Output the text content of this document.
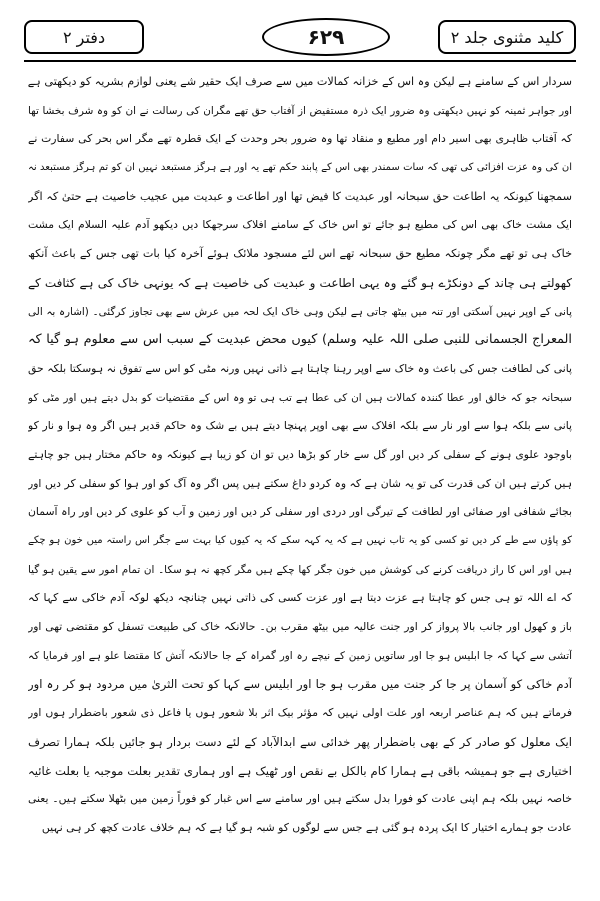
دفتر ۲	۶۲۹	کلید مثنوی جلد ۲
سردار اس کے سامنے ہے لیکن وہ اس کے خزانہ کمالات میں سے صرف ایک حقیر شے یعنی لوازم بشریہ کو دیکھتی ہے
اور جواہر ثمینہ کو نہیں دیکھتی وہ ضرور ایک ذرہ مستفیض از آفتاب حق تھے مگران کی رسالت نے ان کو وہ شرف بخشا تھا
کہ آفتاب ظاہری بھی اسیر دام اور مطیع و منقاد تھا وہ ضرور بحر وحدت کے ایک قطرہ تھے مگر اس بحر کی سفارت نے
ان کی وہ عزت افزائی کی تھی کہ سات سمندر بھی اس کے پابند حکم تھے یہ اور ہے ہرگز مستبعد نہیں ان کو تم ہرگز مستبعد نہ
سمجھنا کیونکہ یہ اطاعت حق سبحانہ اور عبدیت کا فیض تھا اور اطاعت و عبدیت میں عجیب خاصیت ہے حتیٰ کہ اگر
ایک مشت خاک بھی اس کی مطیع ہو جائے تو اس خاک کے سامنے افلاک سرجھکا دیں دیکھو آدم علیہ السلام ایک مشت
خاک ہی تو تھے مگر چونکہ مطیع حق سبحانہ تھے اس لئے مسجود ملائک ہوئے آخرہ کیا بات تھی جس کے باعث آنکھ
کھولتے ہی چاند کے دونکڑے ہو گئے وہ یہی اطاعت و عبدیت کی خاصیت ہے کہ یونہی خاک کی ہے کثافت کے
پانی کے اوپر نہیں آسکتی اور تنہ میں بیٹھ جاتی ہے لیکن وہی خاک ایک لحہ میں عرش سے بھی تجاوز کرگئی۔ (اشارہ بہ الی
المعراج الجسمانی للنبی صلی اللہ علیہ وسلم) کیوں محض عبدیت کے سبب اس سے معلوم ہو گیا کہ
پانی کی لطافت جس کی باعث وہ خاک سے اوپر رہنا چاہتا ہے ذاتی نہیں ورنہ مٹی کو اس سے تفوق نہ ہوسکتا بلکہ حق
سبحانہ جو کہ خالق اور عطا کنندہ کمالات ہیں ان کی عطا ہے تب ہی تو وہ اس کے مقتضیات کو بدل دیتے ہیں اور مٹی کو
پانی سے بلکہ ہوا سے اور نار سے بلکہ افلاک سے بھی اوپر پہنچا دیتے ہیں بے شک وہ حاکم قدیر ہیں اگر وہ ہوا و نار کو
باوجود علوی ہونے کے سفلی کر دیں اور گل سے خار کو بڑھا دیں تو ان کو زیبا ہے کیونکہ وہ حاکم مختار ہیں جو چاہتے
ہیں کرتے ہیں ان کی قدرت کی تو یہ شان ہے کہ وہ کردو داغ سکتے ہیں پس اگر وہ آگ کو اور ہوا کو سفلی کر دیں اور
بجائے شفافی اور صفائی اور لطافت کے تیرگی اور دردی اور سفلی کر دیں اور زمین و آب کو علوی کر دیں اور راہ آسمان
کو پاؤں سے طے کر دیں تو کسی کو یہ تاب نہیں ہے کہ یہ کہہ سکے کہ یہ کیوں کیا بہت سے جگر اس راستہ میں خون ہو چکے
ہیں اور اس کا راز دریافت کرنے کی کوشش میں خون جگر کھا چکے ہیں مگر کچھ نہ ہو سکا۔ ان تمام امور سے یقین ہو گیا
کہ اے اللہ تو ہی جس کو چاہتا ہے عزت دیتا ہے اور عزت کسی کی ذاتی نہیں چنانچہ دیکھ لوکہ آدم خاکی سے کہا کہ
باز و کھول اور جانب بالا پرواز کر اور جنت عالیہ میں بیٹھ مقرب بن۔ حالانکہ خاک کی طبیعت تسفل کو مقتضی تھی اور
آتشی سے کہا کہ جا ابلیس ہو جا اور ساتویں زمین کے نیچے رہ اور گمراہ کے جا حالانکہ آتش کا مقتضا علو ہے اور فرمایا کہ
آدم خاکی کو آسمان پر جا کر جنت میں مقرب ہو جا اور ابلیس سے کہا کو تحت الثریٰ میں مردود ہو کر رہ اور
فرماتے ہیں کہ ہم عناصر اربعہ اور علت اولی نہیں کہ مؤثر بیک اثر بلا شعور ہوں یا فاعل ذی شعور باضطرار ہوں اور
ایک معلول کو صادر کر کے بھی باضطرار پھر خدائی سے ابدالآباد کے لئے دست بردار ہو جائیں بلکہ ہمارا تصرف
اختیاری ہے جو ہمیشہ باقی ہے ہمارا کام بالکل بے نقص اور ٹھیک ہے اور ہماری تقدیر بعلت موجبہ یا بعلت غائیہ
خاصہ نہیں بلکہ ہم اپنی عادت کو فورا بدل سکتے ہیں اور سامنے سے اس غبار کو فوراً زمین میں بٹھلا سکتے ہیں۔ یعنی
عادت جو ہمارے اختیار کا ایک پردہ ہو گئی ہے جس سے لوگوں کو شبہ ہو گیا ہے کہ ہم خلاف عادت کچھ کر ہی نہیں
